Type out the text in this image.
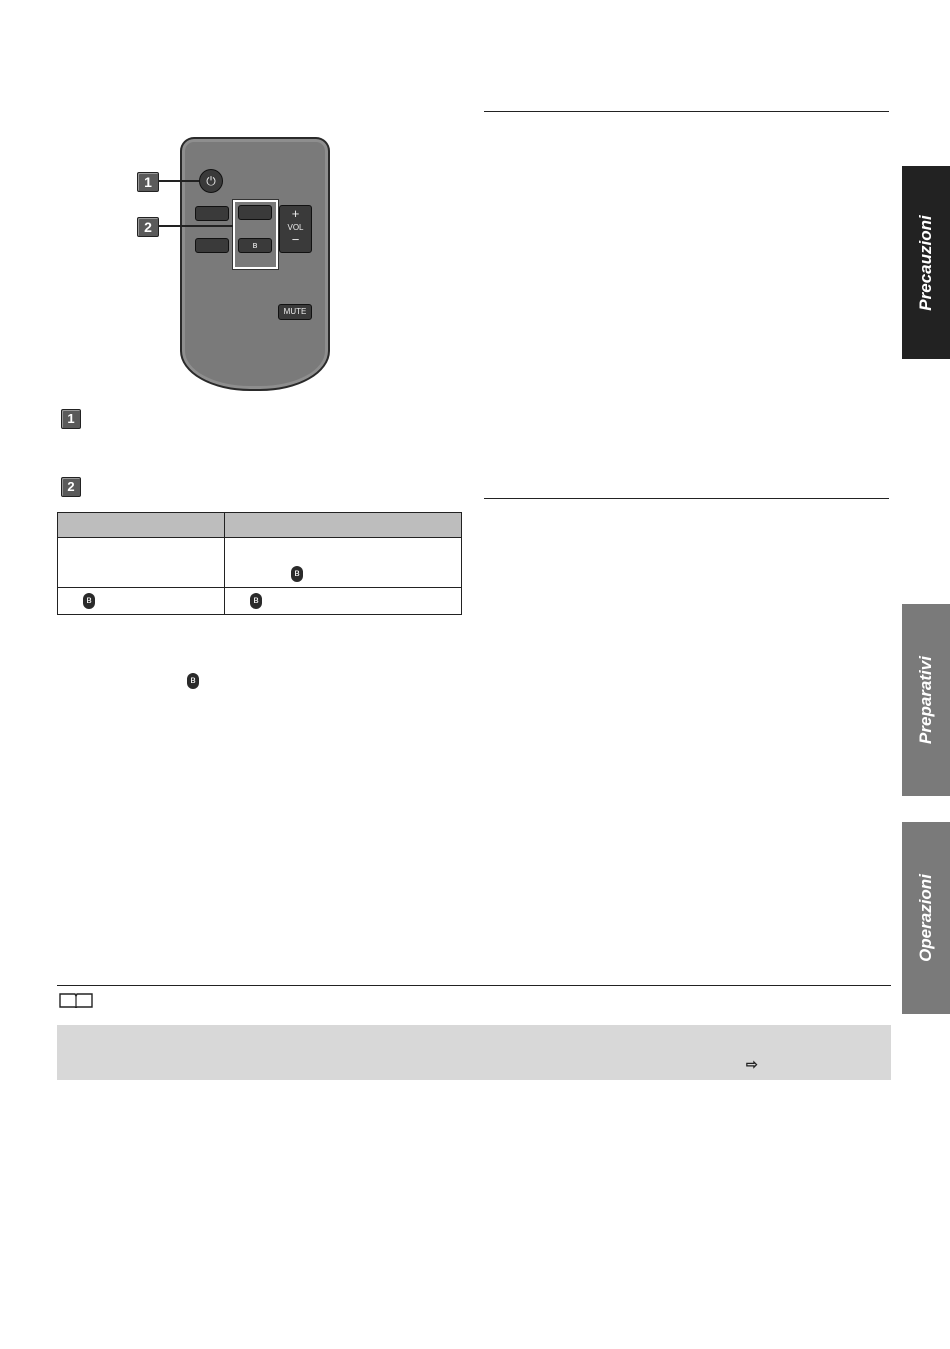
⏻
ʙ
+
VOL
−
MUTE
1
2
1
2

	ʙ

ʙ	ʙ
ʙ
Precauzioni
Preparativi
Operazioni
⇨
